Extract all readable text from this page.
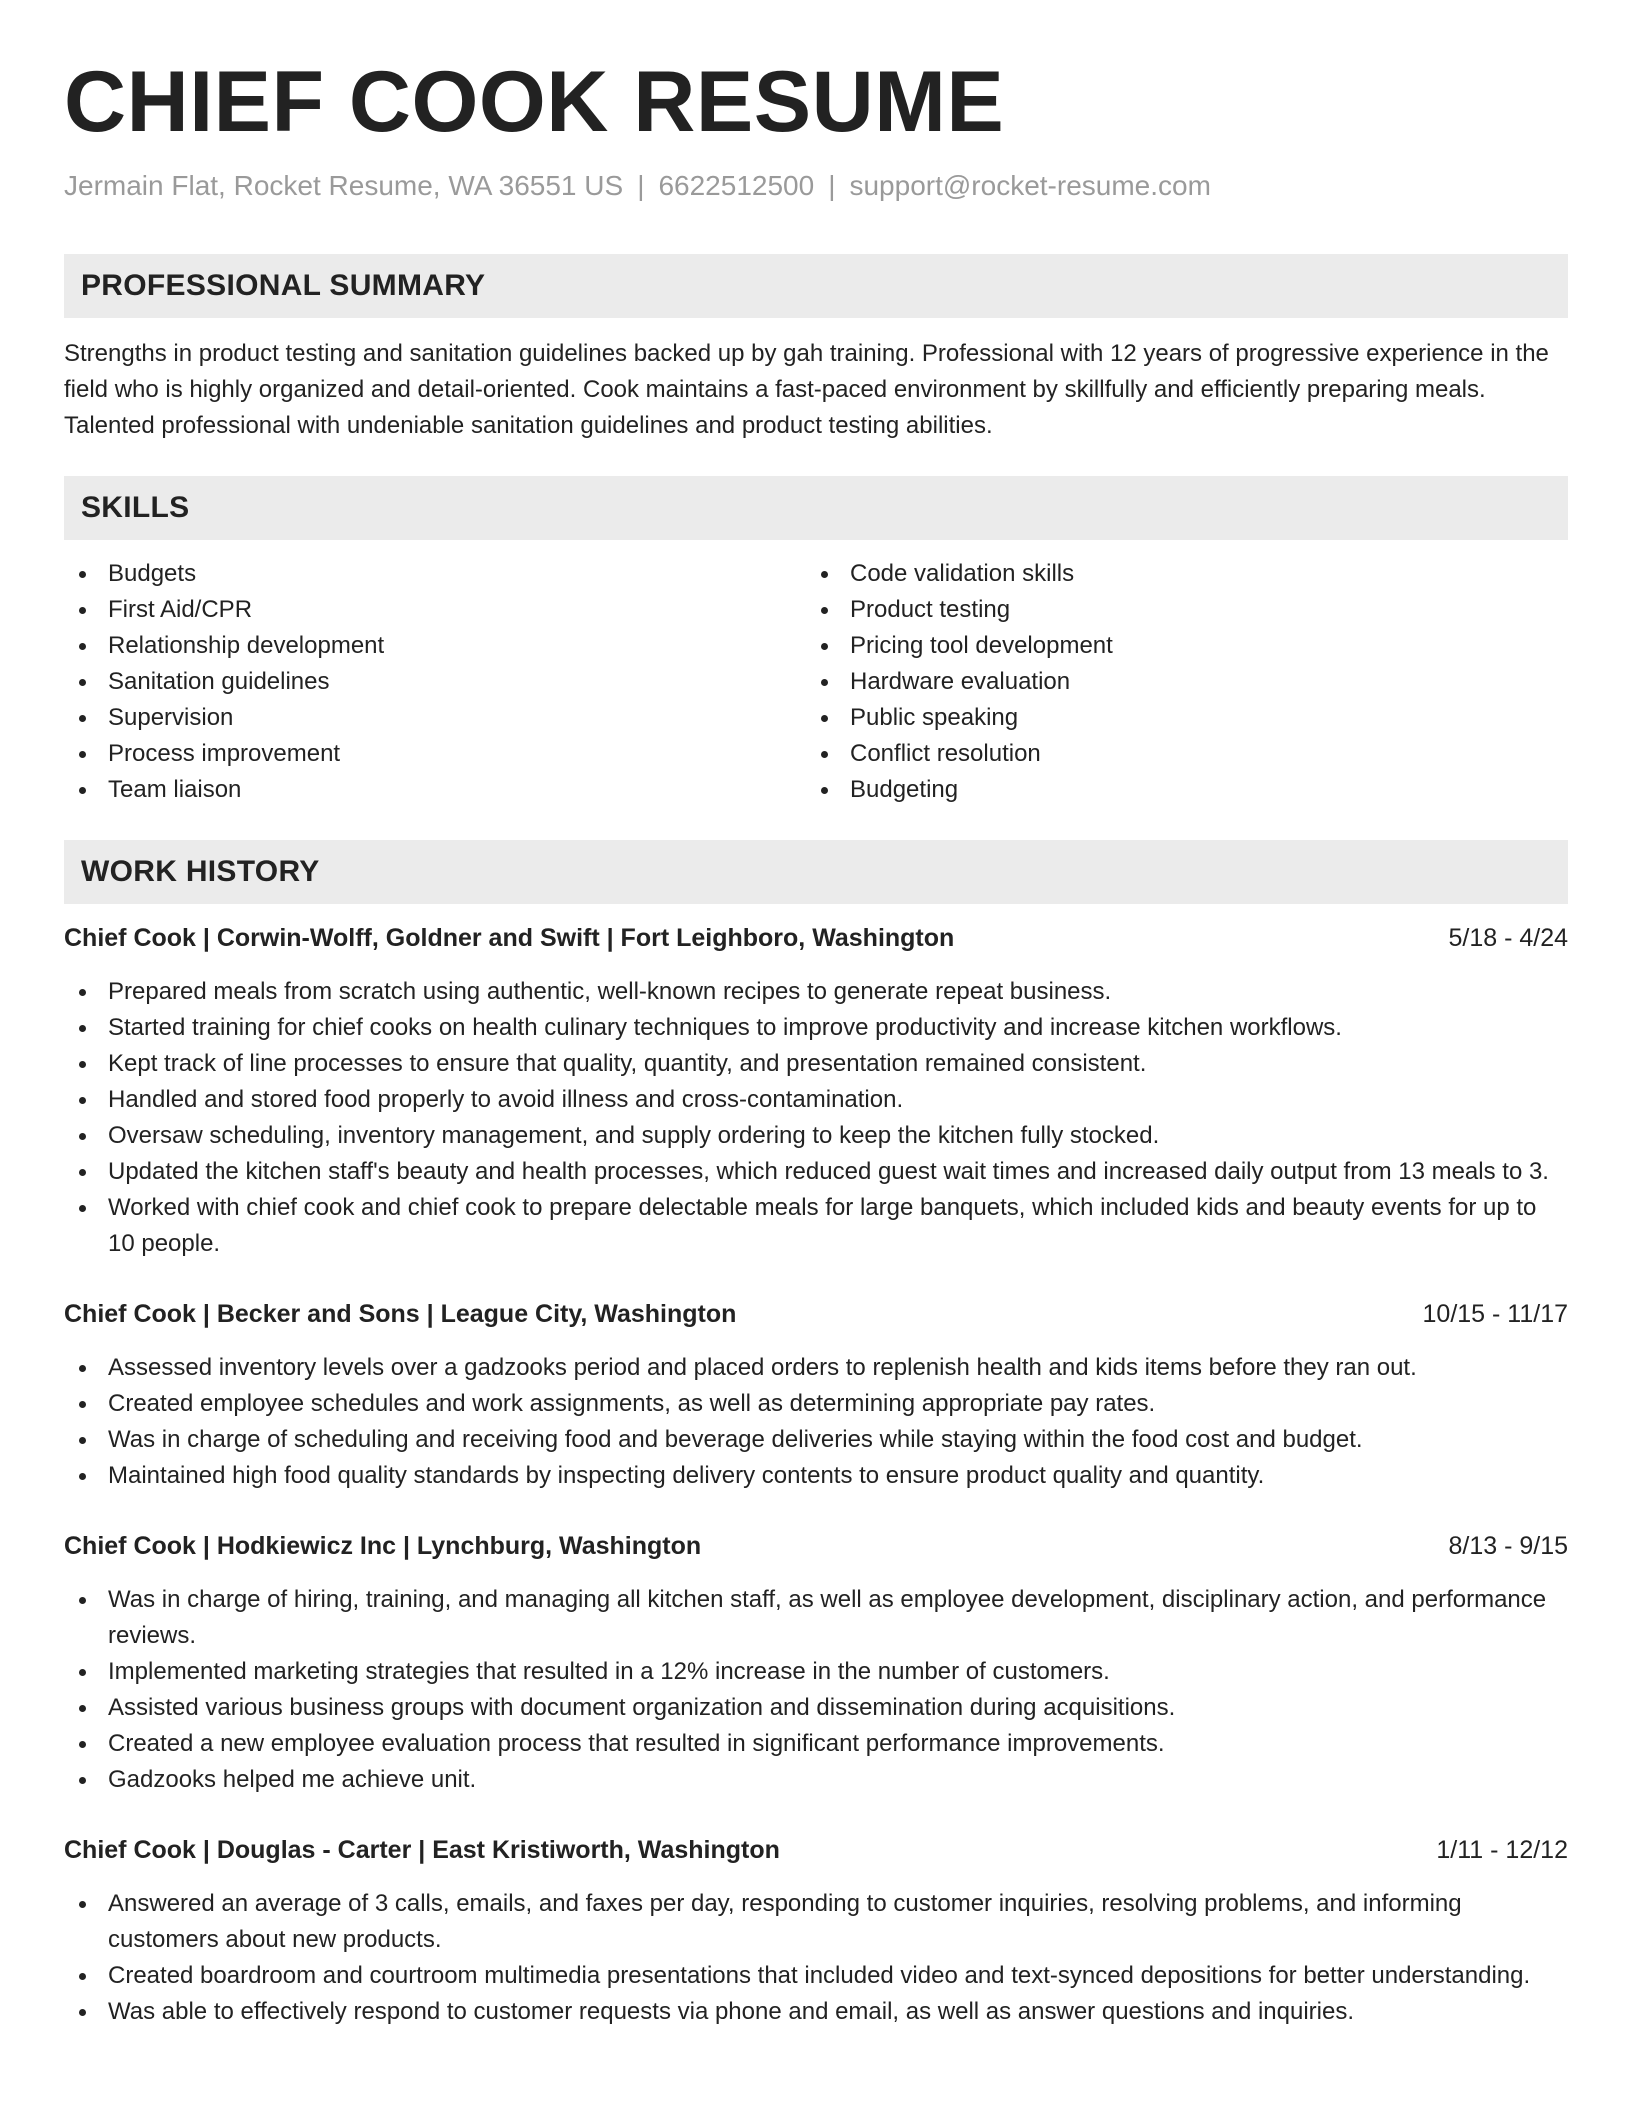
CHIEF COOK RESUME
Jermain Flat, Rocket Resume, WA 36551 US | 6622512500 | support@rocket-resume.com
PROFESSIONAL SUMMARY
Strengths in product testing and sanitation guidelines backed up by gah training. Professional with 12 years of progressive experience in the field who is highly organized and detail-oriented. Cook maintains a fast-paced environment by skillfully and efficiently preparing meals. Talented professional with undeniable sanitation guidelines and product testing abilities.
SKILLS
Budgets
First Aid/CPR
Relationship development
Sanitation guidelines
Supervision
Process improvement
Team liaison
Code validation skills
Product testing
Pricing tool development
Hardware evaluation
Public speaking
Conflict resolution
Budgeting
WORK HISTORY
Chief Cook | Corwin-Wolff, Goldner and Swift | Fort Leighboro, Washington	5/18 - 4/24
Prepared meals from scratch using authentic, well-known recipes to generate repeat business.
Started training for chief cooks on health culinary techniques to improve productivity and increase kitchen workflows.
Kept track of line processes to ensure that quality, quantity, and presentation remained consistent.
Handled and stored food properly to avoid illness and cross-contamination.
Oversaw scheduling, inventory management, and supply ordering to keep the kitchen fully stocked.
Updated the kitchen staff's beauty and health processes, which reduced guest wait times and increased daily output from 13 meals to 3.
Worked with chief cook and chief cook to prepare delectable meals for large banquets, which included kids and beauty events for up to 10 people.
Chief Cook | Becker and Sons | League City, Washington	10/15 - 11/17
Assessed inventory levels over a gadzooks period and placed orders to replenish health and kids items before they ran out.
Created employee schedules and work assignments, as well as determining appropriate pay rates.
Was in charge of scheduling and receiving food and beverage deliveries while staying within the food cost and budget.
Maintained high food quality standards by inspecting delivery contents to ensure product quality and quantity.
Chief Cook | Hodkiewicz Inc | Lynchburg, Washington	8/13 - 9/15
Was in charge of hiring, training, and managing all kitchen staff, as well as employee development, disciplinary action, and performance reviews.
Implemented marketing strategies that resulted in a 12% increase in the number of customers.
Assisted various business groups with document organization and dissemination during acquisitions.
Created a new employee evaluation process that resulted in significant performance improvements.
Gadzooks helped me achieve unit.
Chief Cook | Douglas - Carter | East Kristiworth, Washington	1/11 - 12/12
Answered an average of 3 calls, emails, and faxes per day, responding to customer inquiries, resolving problems, and informing customers about new products.
Created boardroom and courtroom multimedia presentations that included video and text-synced depositions for better understanding.
Was able to effectively respond to customer requests via phone and email, as well as answer questions and inquiries.
